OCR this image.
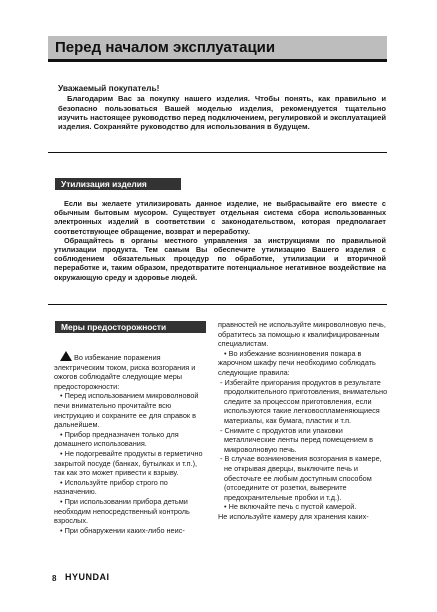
Перед началом эксплуатации
Уважаемый покупатель!

Благодарим Вас за покупку нашего изделия. Чтобы понять, как правильно и безопасно пользоваться Вашей моделью изделия, рекомендуется тщательно изучить настоящее руководство перед подключением, регулировкой и эксплуатацией изделия. Сохраняйте руководство для использования в будущем.

Утилизация изделия

Если вы желаете утилизировать данное изделие, не выбрасывайте его вместе с обычным бытовым мусором. Существует отдельная система сбора использованных электронных изделий в соответствии с законодательством, которая предполагает соответствующее обращение, возврат и переработку.

Обращайтесь в органы местного управления за инструкциями по правильной утилизации продукта. Тем самым Вы обеспечите утилизацию Вашего изделия с соблюдением обязательных процедур по обработке, утилизации и вторичной переработке и, таким образом, предотвратите потенциальное негативное воздействие на окружающую среду и здоровье людей.

Меры предосторожности

!Во избежание поражения электрическим током, риска возгорания и ожогов соблюдайте следующие меры предосторожности:

• Перед использованием микроволновой печи внимательно прочитайте всю инструкцию и сохраните ее для справок в дальнейшем.

• Прибор предназначен только для домашнего использования.

• Не подогревайте продукты в герметично закрытой посуде (банках, бутылках и т.п.), так как это может привести к взрыву.

• Используйте прибор строго по назначению.

• При использовании прибора детьми необходим непосредственный контроль взрослых.

• При обнаружении каких-либо неис-

правностей не используйте микроволновую печь, обратитесь за помощью к квалифицированным специалистам.

• Во избежание возникновения пожара в жарочном шкафу печи необходимо соблюдать следующие правила:

- Избегайте пригорания продуктов в результате продолжительного приготовления, внимательно следите за процессом приготовления, если используются такие легковоспламеняющиеся материалы, как бумага, пластик и т.п.

- Снимите с продуктов или упаковки металлические ленты перед помещением в микроволновую печь.

- В случае возникновения возгорания в камере, не открывая дверцы, выключите печь и обесточьте ее любым доступным способом (отсоедините от розетки, выверните предохранительные пробки и т.д.).

• Не включайте печь с пустой камерой.

Не используйте камеру для хранения каких-

8 HYUNDAI
